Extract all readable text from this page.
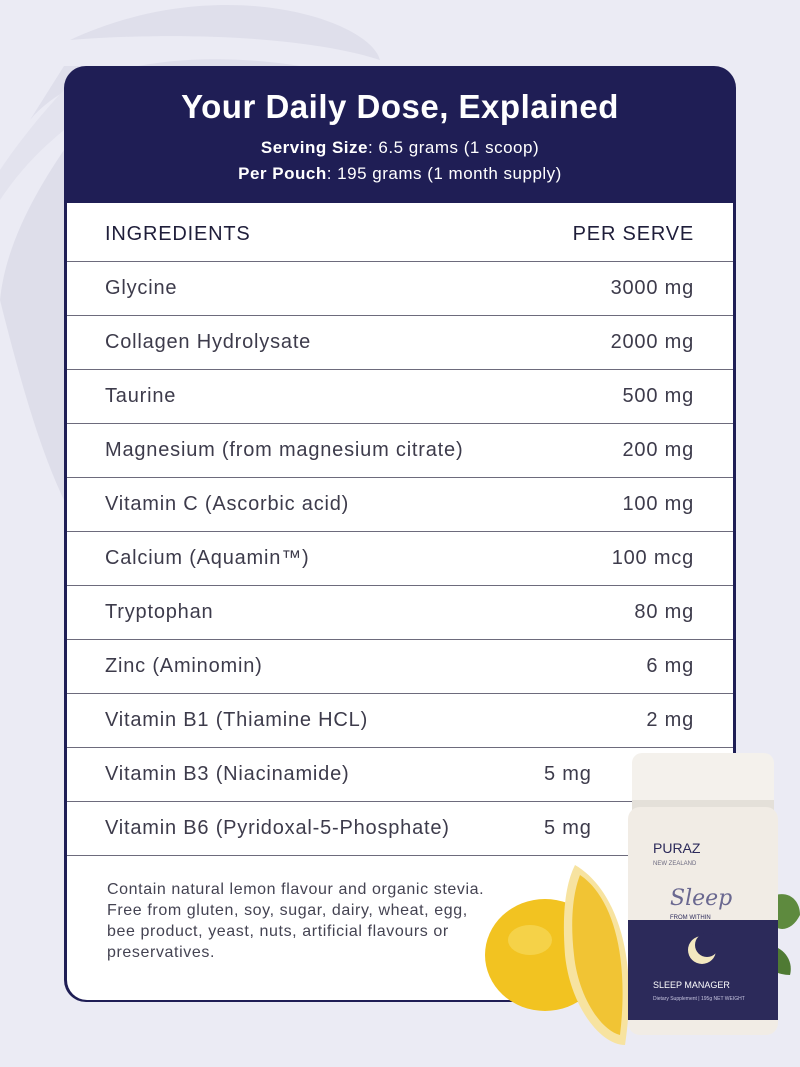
Your Daily Dose, Explained
Serving Size: 6.5 grams (1 scoop)
Per Pouch: 195 grams (1 month supply)
INGREDIENTS	PER SERVE
Glycine	3000 mg
Collagen Hydrolysate	2000 mg
Taurine	500 mg
Magnesium (from magnesium citrate)	200 mg
Vitamin C (Ascorbic acid)	100 mg
Calcium (Aquamin™)	100 mcg
Tryptophan	80 mg
Zinc (Aminomin)	6 mg
Vitamin B1 (Thiamine HCL)	2 mg
Vitamin B3 (Niacinamide)	5 mg
Vitamin B6 (Pyridoxal-5-Phosphate)	5 mg

Contain natural lemon flavour and organic stevia.

Free from gluten, soy, sugar, dairy, wheat, egg, bee product, yeast, nuts, artificial flavours or preservatives.

PURAZ
NEW ZEALAND
Sleep
FROM WITHIN
SLEEP MANAGER
Dietary Supplement | 195g NET WEIGHT
